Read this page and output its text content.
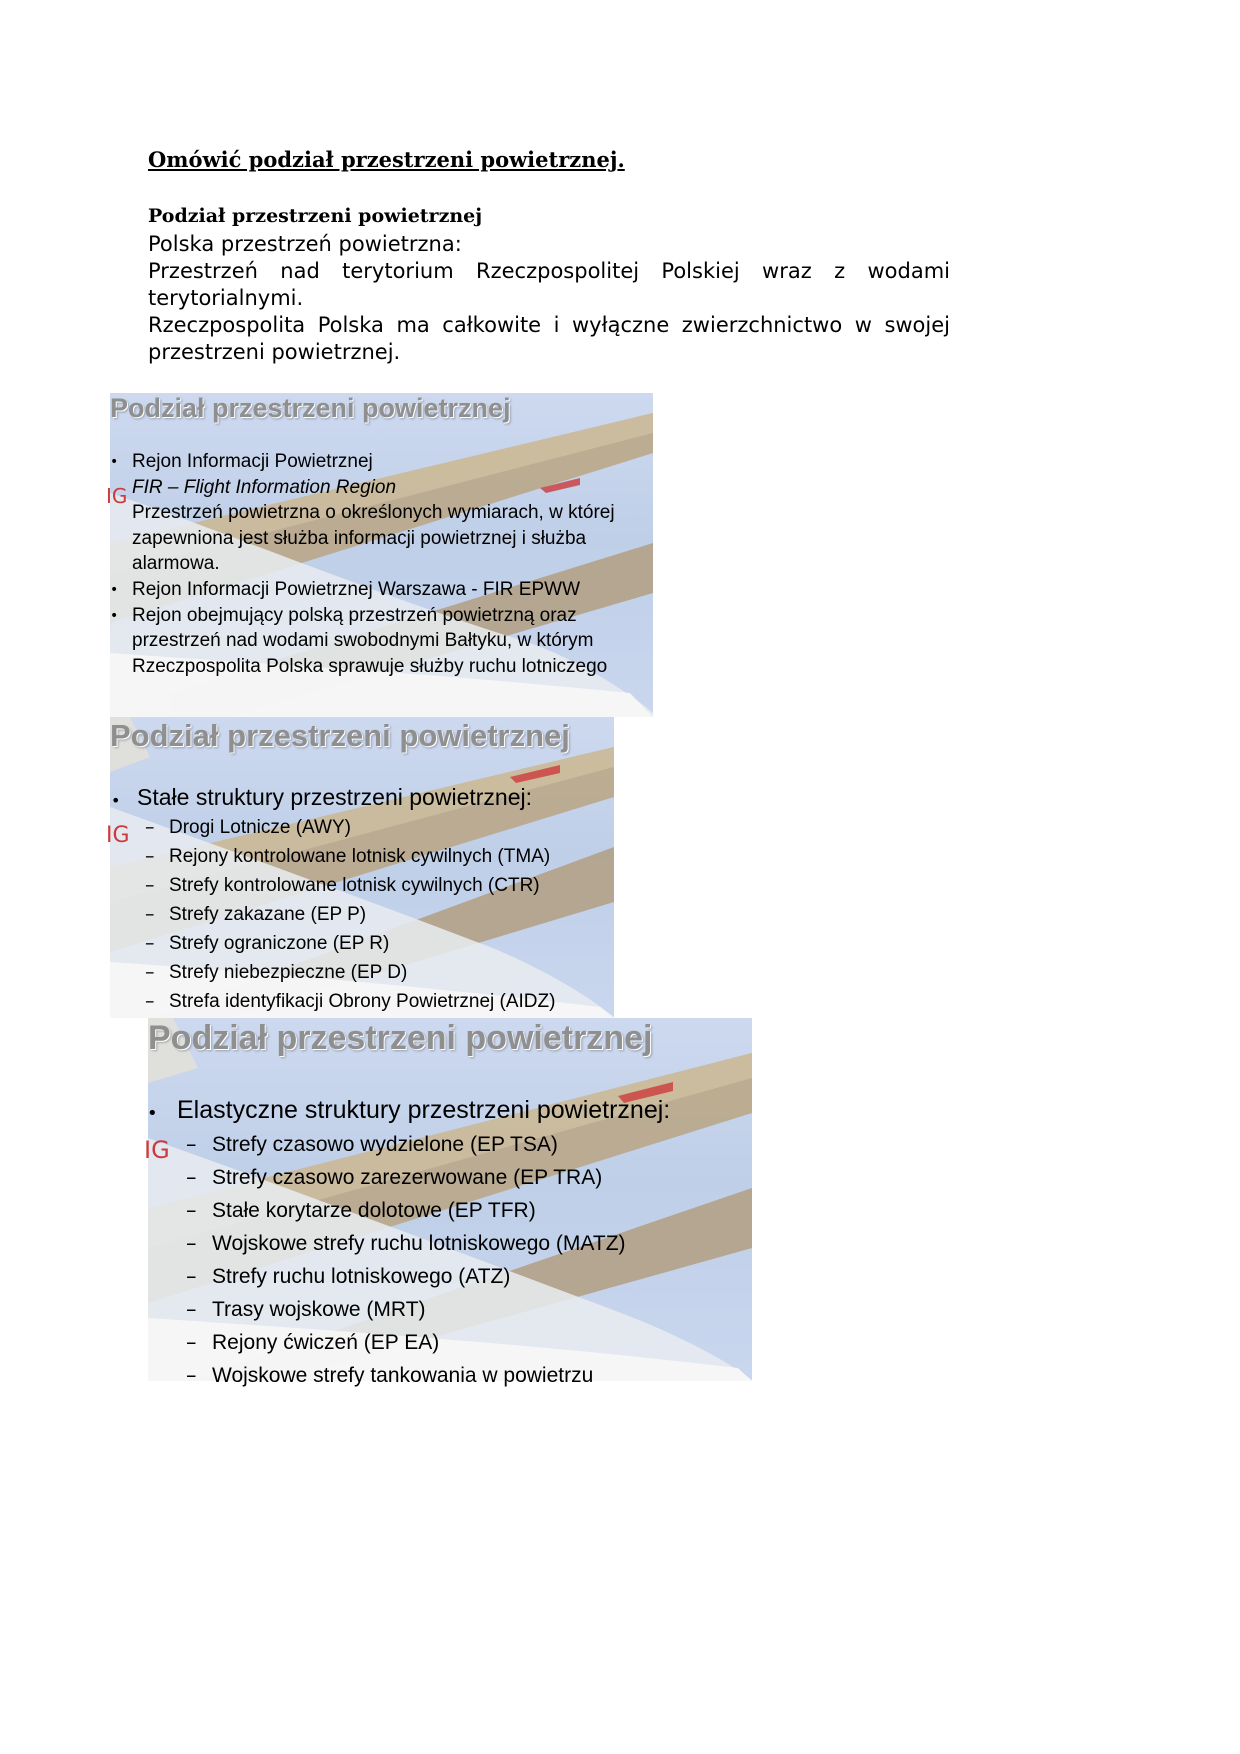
Omówić podział przestrzeni powietrznej.
Podział przestrzeni powietrznej

Polska przestrzeń powietrzna:

Przestrzeń nad terytorium Rzeczpospolitej Polskiej wraz z wodami terytorialnymi.

Rzeczpospolita Polska ma całkowite i wyłączne zwierzchnictwo w swojej przestrzeni powietrznej.

IG
Podział przestrzeni powietrznej
• Rejon Informacji Powietrznej
FIR – Flight Information Region
Przestrzeń powietrzna o określonych wymiarach, w której zapewniona jest służba informacji powietrznej i służba alarmowa.
• Rejon Informacji Powietrznej Warszawa - FIR EPWW
• Rejon obejmujący polską przestrzeń powietrzną oraz przestrzeń nad wodami swobodnymi Bałtyku, w którym Rzeczpospolita Polska sprawuje służby ruchu lotniczego
IG
Podział przestrzeni powietrznej
• Stałe struktury przestrzeni powietrznej:
– Drogi Lotnicze (AWY)
– Rejony kontrolowane lotnisk cywilnych (TMA)
– Strefy kontrolowane lotnisk cywilnych (CTR)
– Strefy zakazane (EP P)
– Strefy ograniczone (EP R)
– Strefy niebezpieczne (EP D)
– Strefa identyfikacji Obrony Powietrznej (AIDZ)
IG
Podział przestrzeni powietrznej
• Elastyczne struktury przestrzeni powietrznej:
– Strefy czasowo wydzielone (EP TSA)
– Strefy czasowo zarezerwowane (EP TRA)
– Stałe korytarze dolotowe (EP TFR)
– Wojskowe strefy ruchu lotniskowego (MATZ)
– Strefy ruchu lotniskowego (ATZ)
– Trasy wojskowe (MRT)
– Rejony ćwiczeń (EP EA)
– Wojskowe strefy tankowania w powietrzu
